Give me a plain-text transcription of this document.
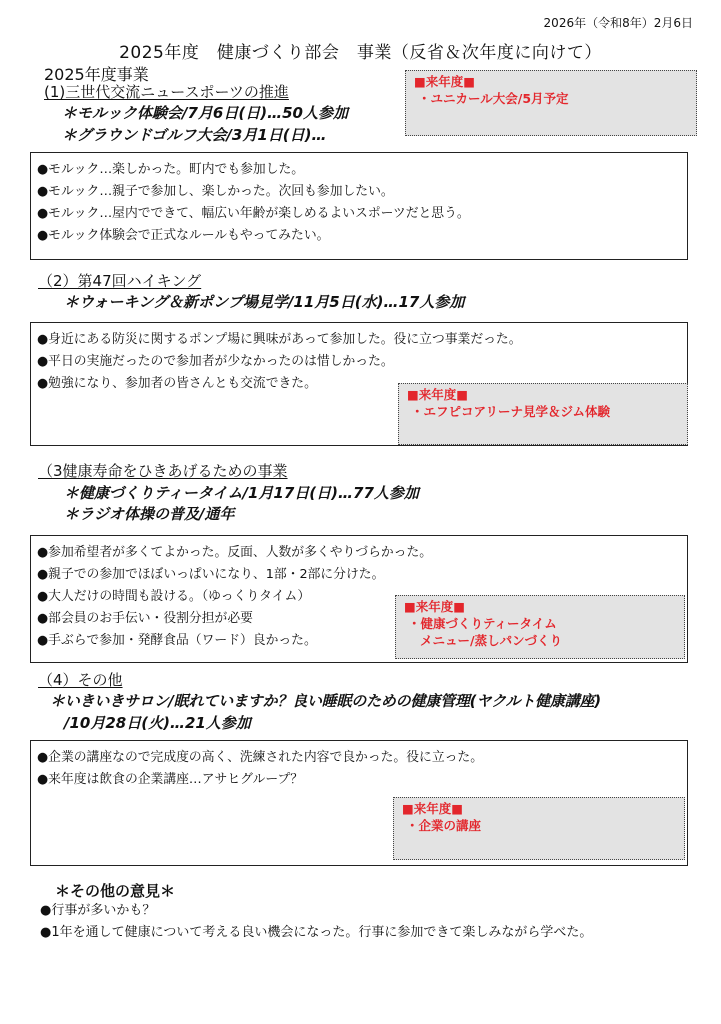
2026年（令和8年）2月6日
2025年度　健康づくり部会　事業（反省＆次年度に向けて）
2025年度事業
(1)三世代交流ニュースポーツの推進
＊モルック体験会/7月6日(日)…50人参加
＊グラウンドゴルフ大会/3月1日(日)…
■来年度■
・ユニカール大会/5月予定
●モルック…楽しかった。町内でも参加した。
●モルック…親子で参加し、楽しかった。次回も参加したい。
●モルック…屋内でできて、幅広い年齢が楽しめるよいスポーツだと思う。
●モルック体験会で正式なルールもやってみたい。
（2）第47回ハイキング
＊ウォーキング＆新ポンプ場見学/11月5日(水)…17人参加
●身近にある防災に関するポンプ場に興味があって参加した。役に立つ事業だった。
●平日の実施だったので参加者が少なかったのは惜しかった。
●勉強になり、参加者の皆さんとも交流できた。
■来年度■
・エフピコアリーナ見学＆ジム体験
（3健康寿命をひきあげるための事業
＊健康づくりティータイム/1月17日(日)…77人参加
＊ラジオ体操の普及/通年
●参加希望者が多くてよかった。反面、人数が多くやりづらかった。
●親子での参加でほぼいっぱいになり、1部・2部に分けた。
●大人だけの時間も設ける。（ゆっくりタイム）
●部会員のお手伝い・役割分担が必要
●手ぶらで参加・発酵食品（ワード）良かった。
■来年度■
・健康づくりティータイム
メニュー/蒸しパンづくり
（4）その他
＊いきいきサロン/眠れていますか？良い睡眠のための健康管理(ヤクルト健康講座)
/10月28日(火)…21人参加
●企業の講座なので完成度の高く、洗練された内容で良かった。役に立った。
●来年度は飲食の企業講座…アサヒグループ？
■来年度■
・企業の講座
＊その他の意見＊
●行事が多いかも？
●1年を通して健康について考える良い機会になった。行事に参加できて楽しみながら学べた。
